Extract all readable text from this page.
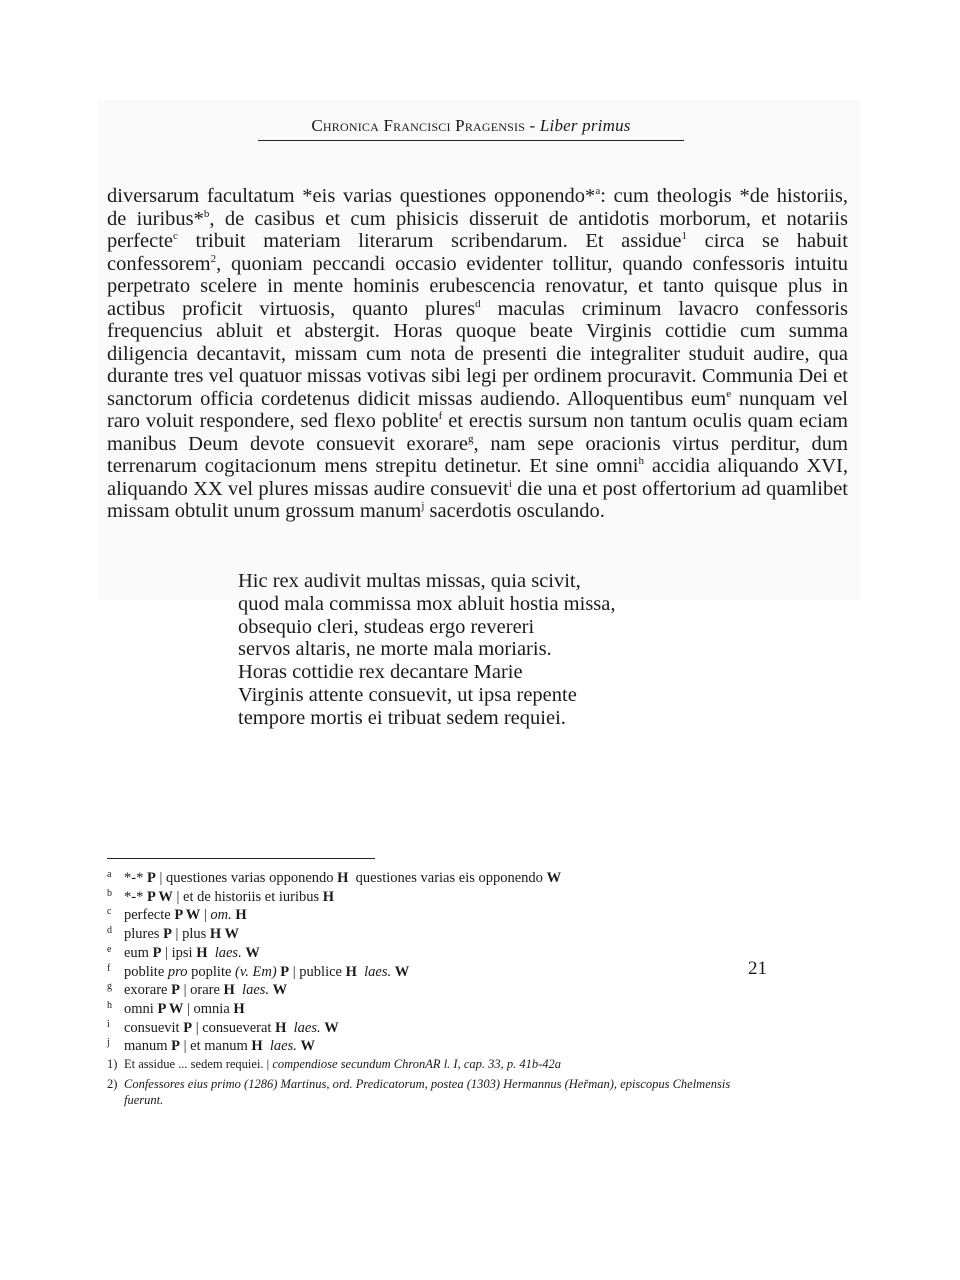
Chronica Francisci Pragensis - Liber primus

diversarum facultatum *eis varias questiones opponendo*$^a$: cum theologis *de historiis, de iuribus*$^b$, de casibus et cum phisicis disseruit de antidotis morborum, et notariis perfecte$^c$ tribuit materiam literarum scribendarum. Et assidue$^1$ circa se habuit confessorem$^2$, quoniam peccandi occasio evidenter tollitur, quando confessoris intuitu perpetrato scelere in mente hominis erubescencia renovatur, et tanto quisque plus in actibus proficit virtuosis, quanto plures$^d$ maculas criminum lavacro confessoris frequencius abluit et abstergit. Horas quoque beate Virginis cottidie cum summa diligencia decantavit, missam cum nota de presenti die integraliter studuit audire, qua durante tres vel quatuor missas votivas sibi legi per ordinem procuravit. Communia Dei et sanctorum officia cordetenus didicit missas audiendo. Alloquentibus eum$^e$ nunquam vel raro voluit respondere, sed flexo poblite$^f$ et erectis sursum non tantum oculis quam eciam manibus Deum devote consuevit exorare$^g$, nam sepe oracionis virtus perditur, dum terrenarum cogitacionum mens strepitu detinetur. Et sine omni$^h$ accidia aliquando XVI, aliquando XX vel plures missas audire consuevit$^i$ die una et post offertorium ad quamlibet missam obtulit unum grossum manum$^j$ sacerdotis osculando.

Hic rex audivit multas missas, quia scivit,
quod mala commissa mox abluit hostia missa,
obsequio cleri, studeas ergo revereri
servos altaris, ne morte mala moriaris.
Horas cottidie rex decantare Marie
Virginis attente consuevit, ut ipsa repente
tempore mortis ei tribuat sedem requiei.
a *-*
P | questiones varias opponendo
H
questiones varias eis opponendo
W
b *-*
P W | et de historiis et iuribus
H
c perfecte
P W | om.
H
d plures
P | plus
H W
e eum
P | ipsi
H
laes.
W
f poblite
pro
poplite
(v. Em)
P | publice
H
laes.
W
g exorare
P | orare
H
laes.
W
h omni
P W | omnia
H
i consuevit
P | consueverat
H
laes.
W
j manum
P | et manum
H
laes.
W
1) Et assidue ... sedem requiei. | compendiose secundum ChronAR l. I, cap. 33, p. 41b-42a
2) Confessores eius primo (1286) Martinus, ord. Predicatorum, postea (1303) Hermannus (Heřman), episcopus Chelmensis
fuerunt.
21
